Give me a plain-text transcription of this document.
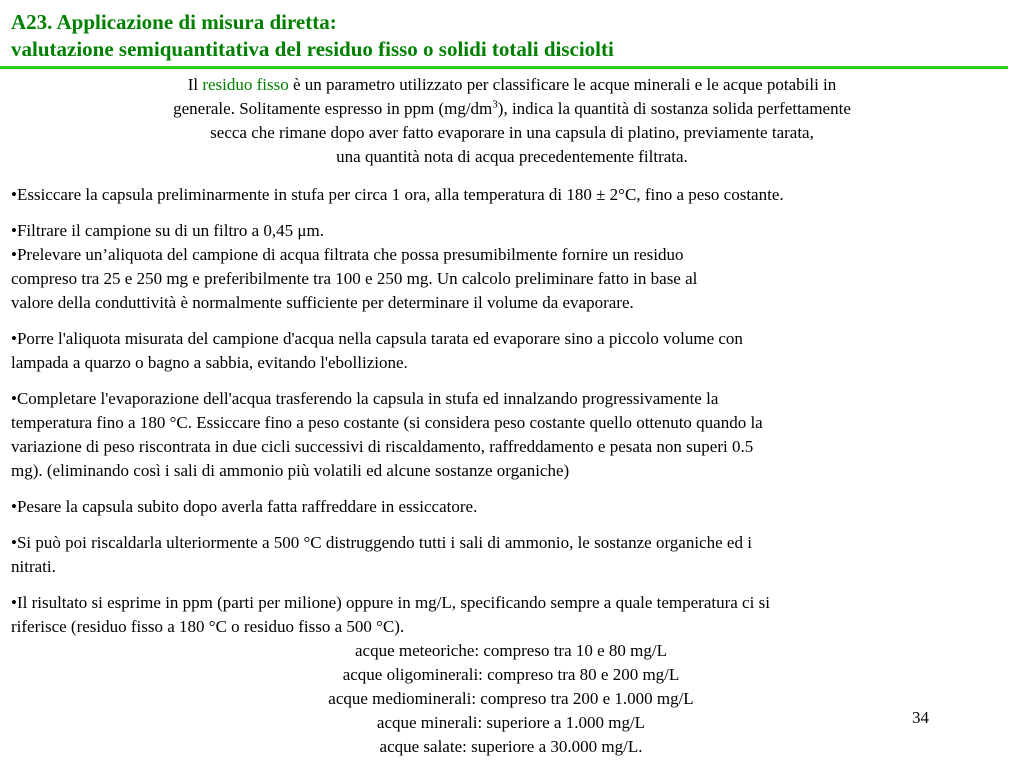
A23. Applicazione di misura diretta:
valutazione semiquantitativa del residuo fisso o solidi totali disciolti
Il residuo fisso è un parametro utilizzato per classificare le acque minerali e le acque potabili in
generale. Solitamente espresso in ppm $(mg/dm^3)$, indica la quantità di sostanza solida perfettamente
secca che rimane dopo aver fatto evaporare in una capsula di platino, previamente tarata,
una quantità nota di acqua precedentemente filtrata.
•Essiccare la capsula preliminarmente in stufa per circa 1 ora, alla temperatura di 180 ± 2°C, fino a peso costante.
•Filtrare il campione su di un filtro a 0,45 μm.
•Prelevare un’aliquota del campione di acqua filtrata che possa presumibilmente fornire un residuo
compreso tra 25 e 250 mg e preferibilmente tra 100 e 250 mg. Un calcolo preliminare fatto in base al
valore della conduttività è normalmente sufficiente per determinare il volume da evaporare.
•Porre l'aliquota misurata del campione d'acqua nella capsula tarata ed evaporare sino a piccolo volume con
lampada a quarzo o bagno a sabbia, evitando l'ebollizione.
•Completare l'evaporazione dell'acqua trasferendo la capsula in stufa ed innalzando progressivamente la
temperatura fino a 180 °C. Essiccare fino a peso costante (si considera peso costante quello ottenuto quando la
variazione di peso riscontrata in due cicli successivi di riscaldamento, raffreddamento e pesata non superi 0.5
mg). (eliminando così i sali di ammonio più volatili ed alcune sostanze organiche)
•Pesare la capsula subito dopo averla fatta raffreddare in essiccatore.
•Si può poi riscaldarla ulteriormente a 500 °C distruggendo tutti i sali di ammonio, le sostanze organiche ed i
nitrati.
•Il risultato si esprime in ppm (parti per milione) oppure in mg/L, specificando sempre a quale temperatura ci si
riferisce (residuo fisso a 180 °C o residuo fisso a 500 °C).
acque meteoriche: compreso tra 10 e 80 mg/L
acque oligominerali: compreso tra 80 e 200 mg/L
acque mediominerali: compreso tra 200 e 1.000 mg/L
acque minerali: superiore a 1.000 mg/L
acque salate: superiore a 30.000 mg/L.
34
